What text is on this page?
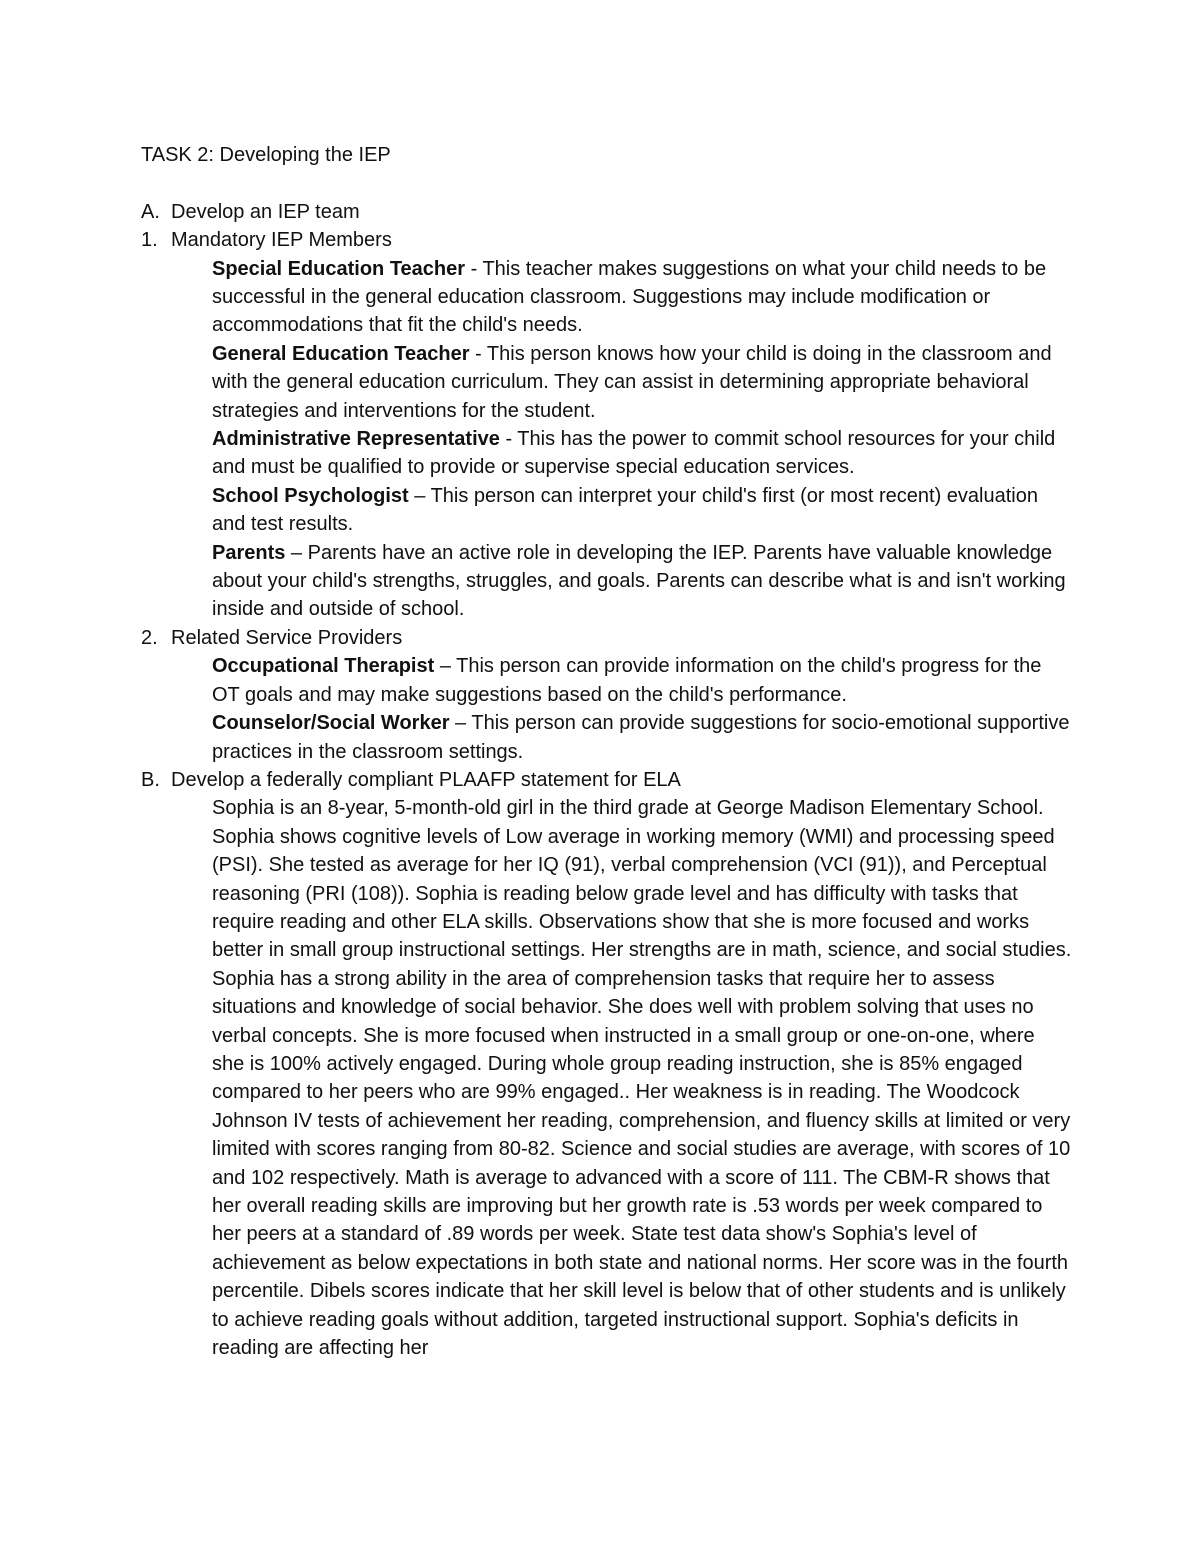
TASK 2: Developing the IEP

A. Develop an IEP team
1. Mandatory IEP Members

Special Education Teacher - This teacher makes suggestions on what your child needs to be successful in the general education classroom. Suggestions may include modification or accommodations that fit the child's needs.

General Education Teacher - This person knows how your child is doing in the classroom and with the general education curriculum. They can assist in determining appropriate behavioral strategies and interventions for the student.

Administrative Representative - This has the power to commit school resources for your child and must be qualified to provide or supervise special education services.

School Psychologist – This person can interpret your child's first (or most recent) evaluation and test results.

Parents – Parents have an active role in developing the IEP. Parents have valuable knowledge about your child's strengths, struggles, and goals. Parents can describe what is and isn't working inside and outside of school.

2. Related Service Providers

Occupational Therapist – This person can provide information on the child's progress for the OT goals and may make suggestions based on the child's performance.

Counselor/Social Worker – This person can provide suggestions for socio-emotional supportive practices in the classroom settings.

B. Develop a federally compliant PLAAFP statement for ELA

Sophia is an 8-year, 5-month-old girl in the third grade at George Madison Elementary School. Sophia shows cognitive levels of Low average in working memory (WMI) and processing speed (PSI). She tested as average for her IQ (91), verbal comprehension (VCI (91)), and Perceptual reasoning (PRI (108)). Sophia is reading below grade level and has difficulty with tasks that require reading and other ELA skills. Observations show that she is more focused and works better in small group instructional settings. Her strengths are in math, science, and social studies. Sophia has a strong ability in the area of comprehension tasks that require her to assess situations and knowledge of social behavior. She does well with problem solving that uses no verbal concepts. She is more focused when instructed in a small group or one-on-one, where she is 100% actively engaged. During whole group reading instruction, she is 85% engaged compared to her peers who are 99% engaged.. Her weakness is in reading. The Woodcock Johnson IV tests of achievement her reading, comprehension, and fluency skills at limited or very limited with scores ranging from 80-82. Science and social studies are average, with scores of 10 and 102 respectively. Math is average to advanced with a score of 111. The CBM-R shows that her overall reading skills are improving but her growth rate is .53 words per week compared to her peers at a standard of .89 words per week. State test data show's Sophia's level of achievement as below expectations in both state and national norms. Her score was in the fourth percentile. Dibels scores indicate that her skill level is below that of other students and is unlikely to achieve reading goals without addition, targeted instructional support. Sophia's deficits in reading are affecting her
